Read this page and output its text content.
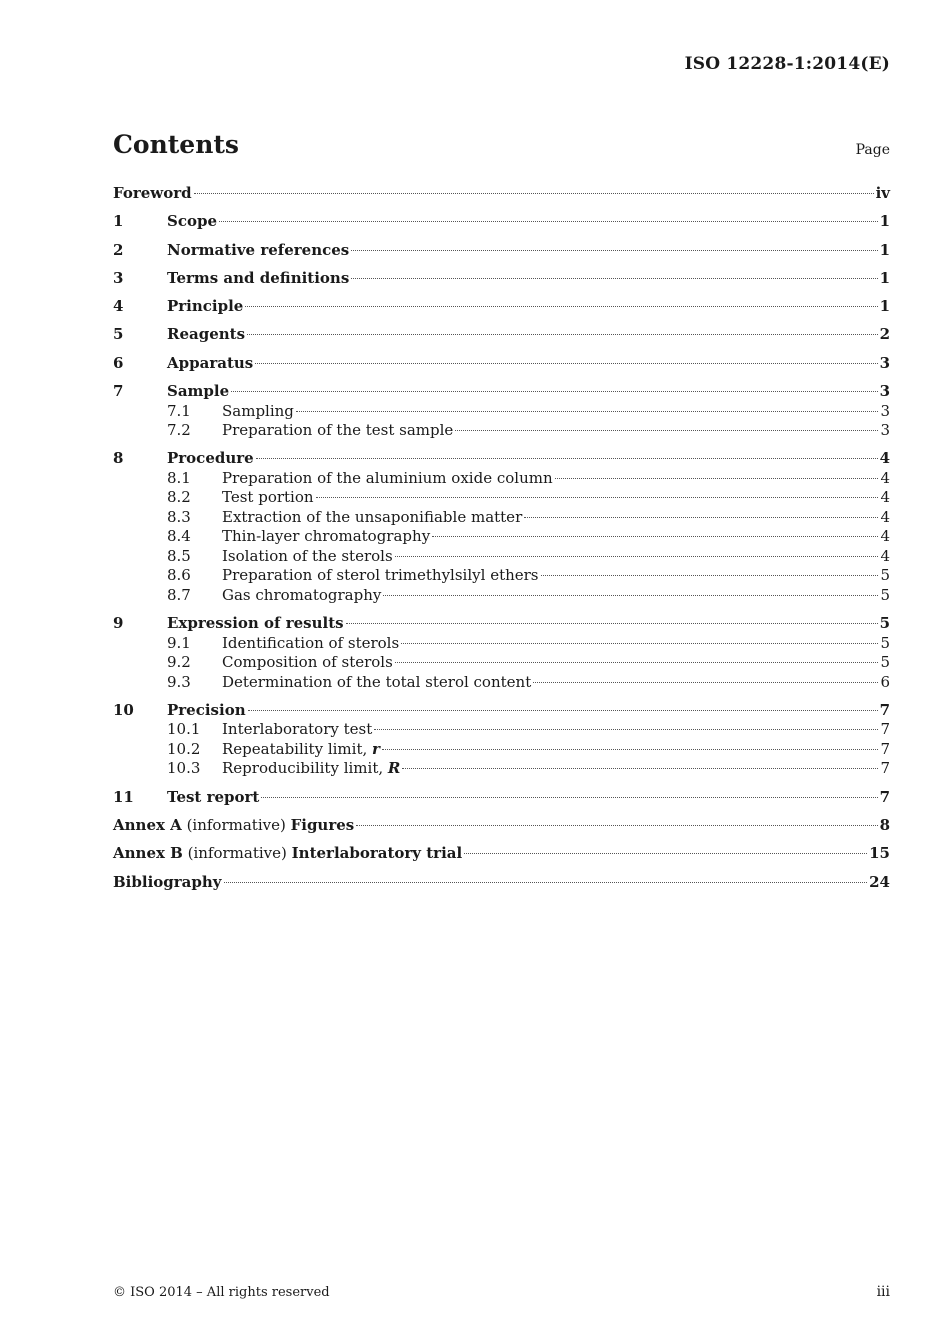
ISO 12228-1:2014(E)
Contents	Page
Foreword	iv
1	Scope	1
2	Normative references	1
3	Terms and definitions	1
4	Principle	1
5	Reagents	2
6	Apparatus	3
7	Sample	3
7.1	Sampling	3
7.2	Preparation of the test sample	3
8	Procedure	4
8.1	Preparation of the aluminium oxide column	4
8.2	Test portion	4
8.3	Extraction of the unsaponifiable matter	4
8.4	Thin-layer chromatography	4
8.5	Isolation of the sterols	4
8.6	Preparation of sterol trimethylsilyl ethers	5
8.7	Gas chromatography	5
9	Expression of results	5
9.1	Identification of sterols	5
9.2	Composition of sterols	5
9.3	Determination of the total sterol content	6
10	Precision	7
10.1	Interlaboratory test	7
10.2	Repeatability limit, r	7
10.3	Reproducibility limit, R	7
11	Test report	7
Annex A (informative) Figures	8
Annex B (informative) Interlaboratory trial	15
Bibliography	24
© ISO 2014 – All rights reserved	iii
